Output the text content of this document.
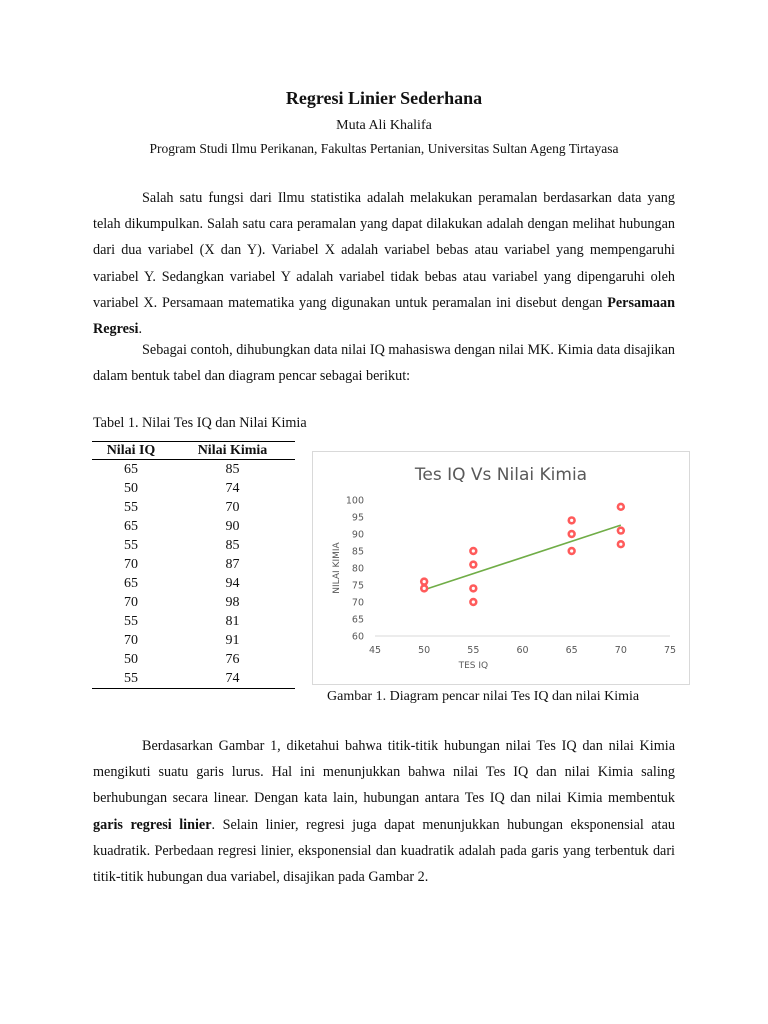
Regresi Linier Sederhana
Muta Ali Khalifa
Program Studi Ilmu Perikanan, Fakultas Pertanian, Universitas Sultan Ageng Tirtayasa

Salah satu fungsi dari Ilmu statistika adalah melakukan peramalan berdasarkan data yang telah dikumpulkan. Salah satu cara peramalan yang dapat dilakukan adalah dengan melihat hubungan dari dua variabel (X dan Y). Variabel X adalah variabel bebas atau variabel yang mempengaruhi variabel Y. Sedangkan variabel Y adalah variabel tidak bebas atau variabel yang dipengaruhi oleh variabel X. Persamaan matematika yang digunakan untuk peramalan ini disebut dengan Persamaan Regresi.

Sebagai contoh, dihubungkan data nilai IQ mahasiswa dengan nilai MK. Kimia data disajikan dalam bentuk tabel dan diagram pencar sebagai berikut:

Tabel 1. Nilai Tes IQ dan Nilai Kimia
Nilai IQ	Nilai Kimia
65	85
50	74
55	70
65	90
55	85
70	87
65	94
70	98
55	81
70	91
50	76
55	74
Tes IQ Vs Nilai Kimia
60
65
70
75
80
85
90
95
100
45	50	55	60	65	70	75
TES IQ
NILAI KIMIA
Gambar 1. Diagram pencar nilai Tes IQ dan nilai Kimia

Berdasarkan Gambar 1, diketahui bahwa titik-titik hubungan nilai Tes IQ dan nilai Kimia mengikuti suatu garis lurus. Hal ini menunjukkan bahwa nilai Tes IQ dan nilai Kimia saling berhubungan secara linear. Dengan kata lain, hubungan antara Tes IQ dan nilai Kimia membentuk garis regresi linier. Selain linier, regresi juga dapat menunjukkan hubungan eksponensial atau kuadratik. Perbedaan regresi linier, eksponensial dan kuadratik adalah pada garis yang terbentuk dari titik-titik hubungan dua variabel, disajikan pada Gambar 2.
